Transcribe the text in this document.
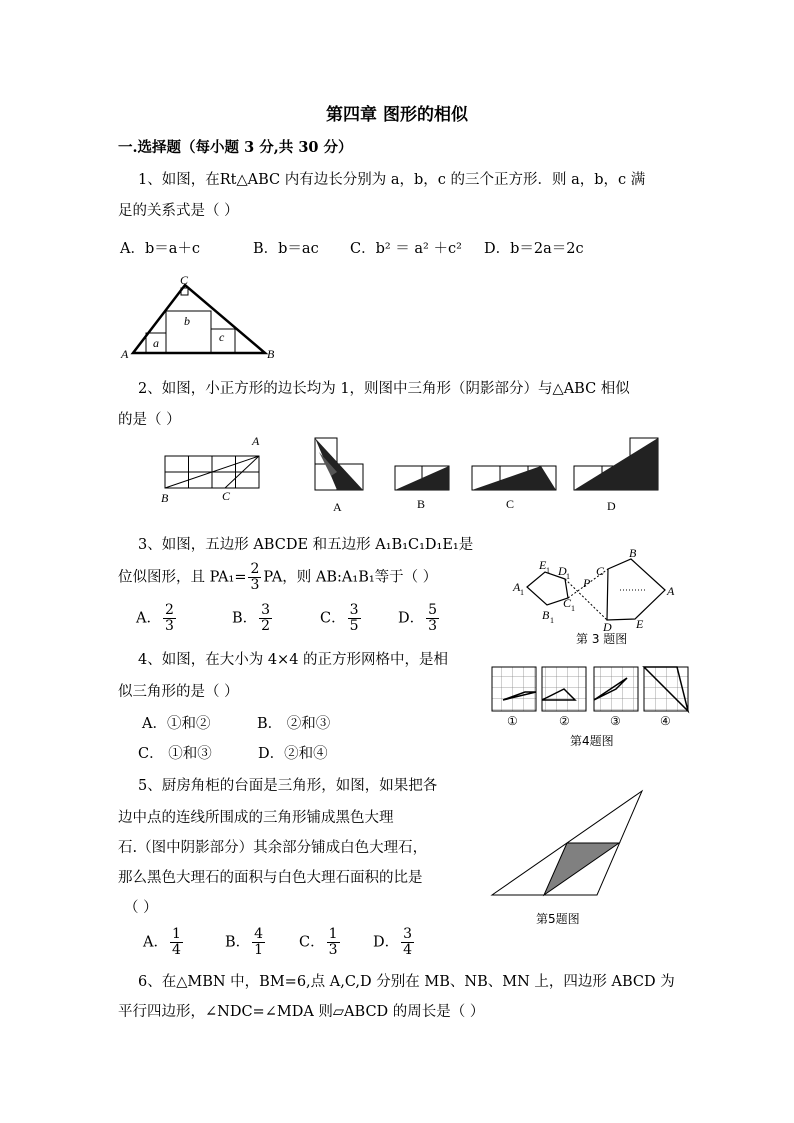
第四章 图形的相似
一.选择题（每小题 3 分,共 30 分）
1、如图，在Rt△ABC 内有边长分别为 a，b，c 的三个正方形．则 a，b，c 满
足的关系式是（ ）
A．b＝a＋c	B．b＝ac C．b² ＝ a² ＋c² D．b＝2a＝2c
A
C
B
a
b
c
2、如图，小正方形的边长均为 1，则图中三角形（阴影部分）与△ABC 相似
的是（ ）
A
B	C
A	B	C	D
3、如图，五边形 ABCDE 和五边形 A₁B₁C₁D₁E₁是
位似图形，且 $PA_1= \frac{2}{3}$ PA，则 AB:A₁B₁等于（ ）
A． $\frac{2}{3}$	B． $\frac{3}{2}$	C． $\frac{3}{5}$	D． $\frac{5}{3}$
E 1 D 1
A 1
C 1
B 1
P
B
C
D
A
E
第 3 题图
4、如图，在大小为 4×4 的正方形网格中，是相
似三角形的是（ ）
A．①和②	B． ②和③
C． ①和③	D．②和④
①	②	③	④
第4题图
5、厨房角柜的台面是三角形，如图，如果把各
边中点的连线所围成的三角形铺成黑色大理
石.（图中阴影部分）其余部分铺成白色大理石，
那么黑色大理石的面积与白色大理石面积的比是
（ ）
A． $\frac{1}{4}$	B． $\frac{4}{1}$ C． $\frac{1}{3}$ D． $\frac{3}{4}$
第5题图
6、在△MBN 中，BM=6,点 A,C,D 分别在 MB、NB、MN 上，四边形 ABCD 为
平行四边形，∠NDC=∠MDA 则▱ABCD 的周长是（ ）
